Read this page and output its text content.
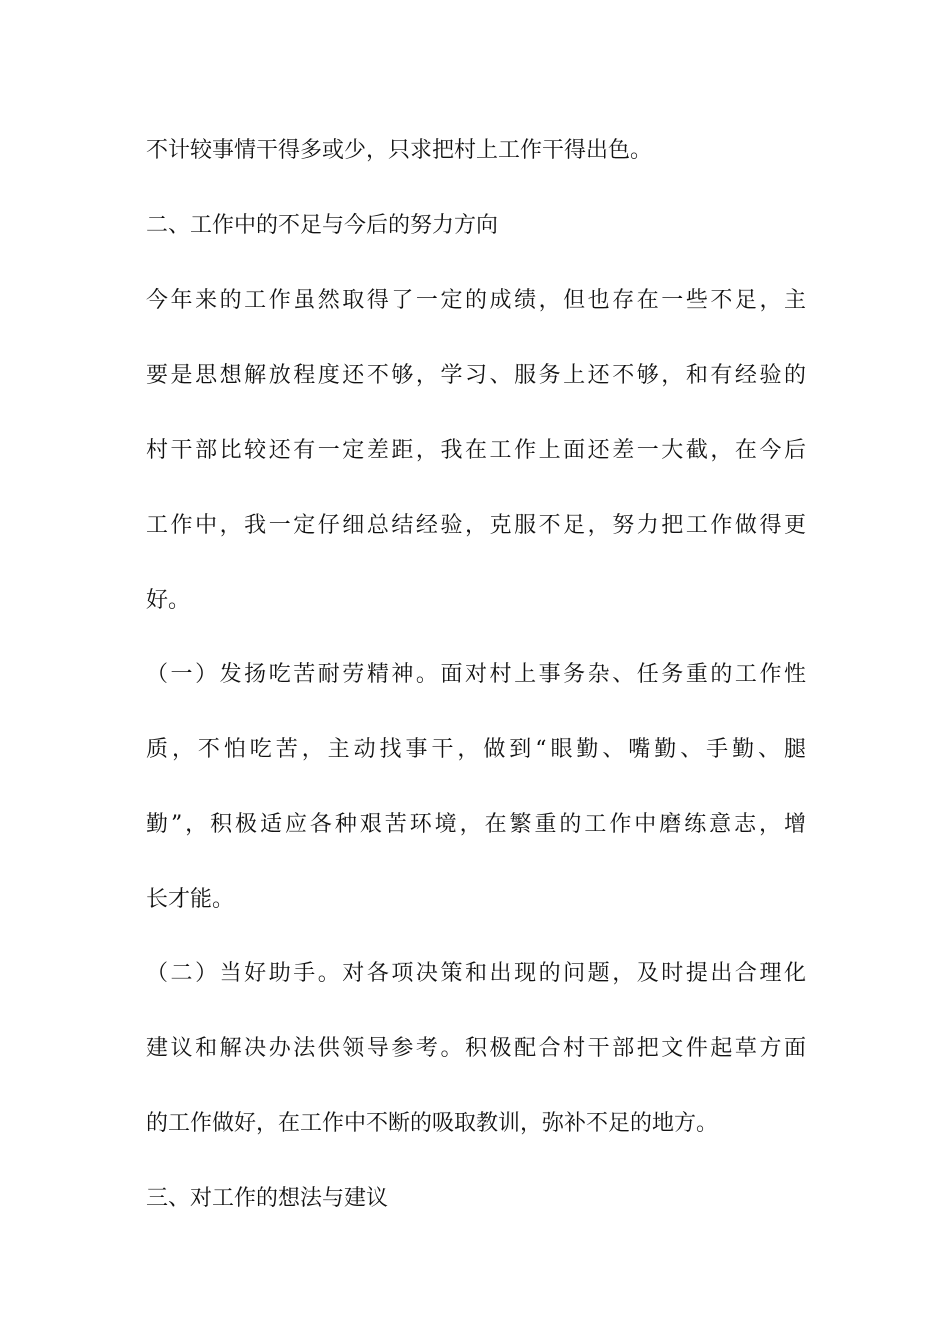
不计较事情干得多或少，只求把村上工作干得出色。
二、工作中的不足与今后的努力方向
今年来的工作虽然取得了一定的成绩，但也存在一些不足，主
要是思想解放程度还不够，学习、服务上还不够，和有经验的
村干部比较还有一定差距，我在工作上面还差一大截，在今后
工作中，我一定仔细总结经验，克服不足，努力把工作做得更
好。
（一）发扬吃苦耐劳精神。面对村上事务杂、任务重的工作性
质，不怕吃苦，主动找事干，做到“眼勤、嘴勤、手勤、腿
勤”，积极适应各种艰苦环境，在繁重的工作中磨练意志，增
长才能。
（二）当好助手。对各项决策和出现的问题，及时提出合理化
建议和解决办法供领导参考。积极配合村干部把文件起草方面
的工作做好，在工作中不断的吸取教训，弥补不足的地方。
三、对工作的想法与建议
